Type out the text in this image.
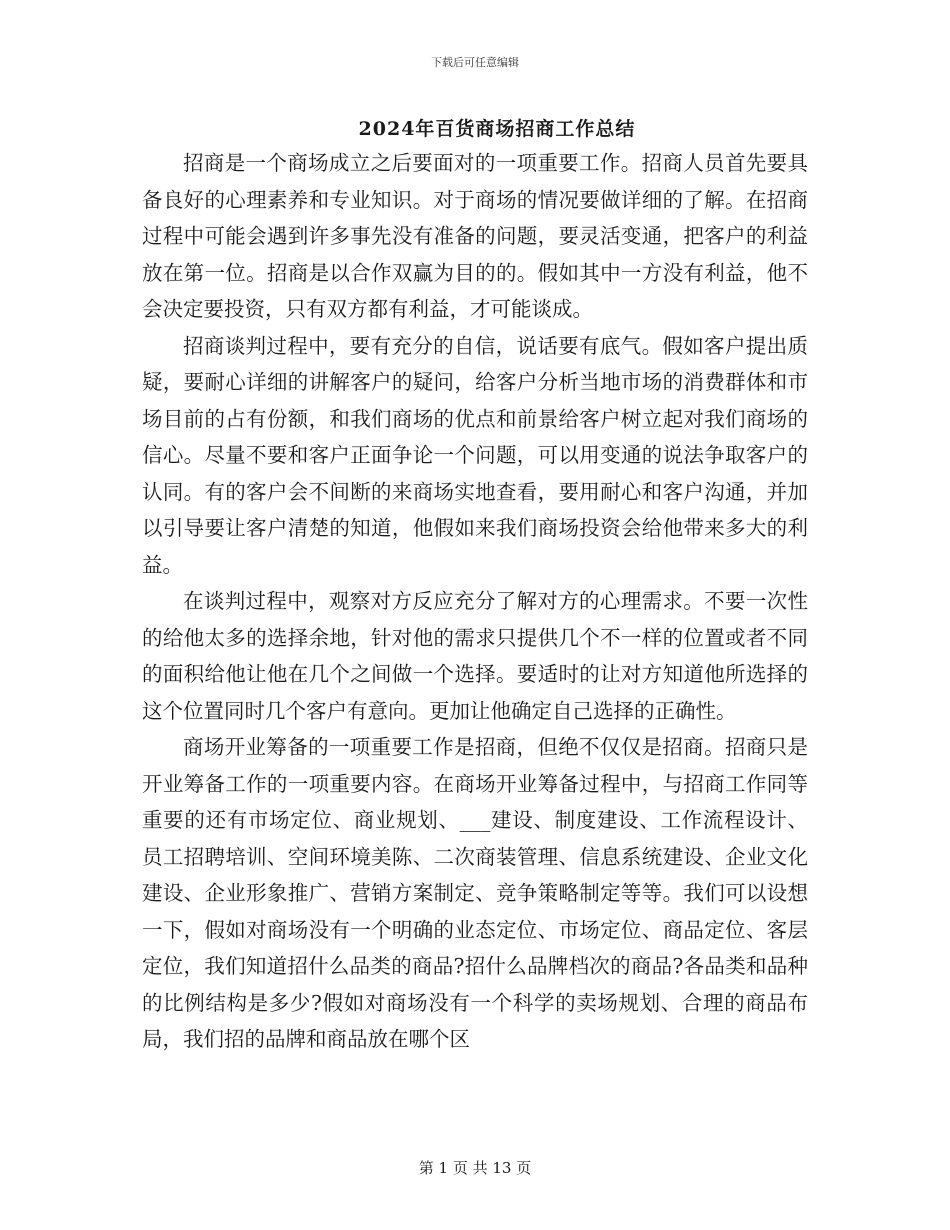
下载后可任意编辑
2024年百货商场招商工作总结

招商是一个商场成立之后要面对的一项重要工作。招商人员首先要具备良好的心理素养和专业知识。对于商场的情况要做详细的了解。在招商过程中可能会遇到许多事先没有准备的问题，要灵活变通，把客户的利益放在第一位。招商是以合作双赢为目的的。假如其中一方没有利益，他不会决定要投资，只有双方都有利益，才可能谈成。

招商谈判过程中，要有充分的自信，说话要有底气。假如客户提出质疑，要耐心详细的讲解客户的疑问，给客户分析当地市场的消费群体和市场目前的占有份额，和我们商场的优点和前景给客户树立起对我们商场的信心。尽量不要和客户正面争论一个问题，可以用变通的说法争取客户的认同。有的客户会不间断的来商场实地查看，要用耐心和客户沟通，并加以引导要让客户清楚的知道，他假如来我们商场投资会给他带来多大的利益。

在谈判过程中，观察对方反应充分了解对方的心理需求。不要一次性的给他太多的选择余地，针对他的需求只提供几个不一样的位置或者不同的面积给他让他在几个之间做一个选择。要适时的让对方知道他所选择的这个位置同时几个客户有意向。更加让他确定自己选择的正确性。

商场开业筹备的一项重要工作是招商，但绝不仅仅是招商。招商只是开业筹备工作的一项重要内容。在商场开业筹备过程中，与招商工作同等重要的还有市场定位、商业规划、___建设、制度建设、工作流程设计、员工招聘培训、空间环境美陈、二次商装管理、信息系统建设、企业文化建设、企业形象推广、营销方案制定、竞争策略制定等等。我们可以设想一下，假如对商场没有一个明确的业态定位、市场定位、商品定位、客层定位，我们知道招什么品类的商品?招什么品牌档次的商品?各品类和品种的比例结构是多少?假如对商场没有一个科学的卖场规划、合理的商品布局，我们招的品牌和商品放在哪个区

第 1 页 共 13 页
